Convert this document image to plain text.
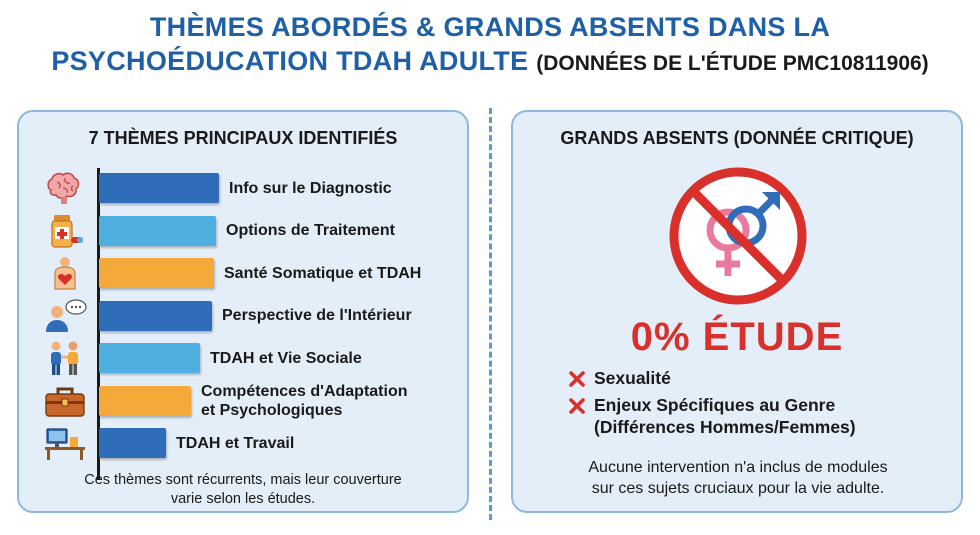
THÈMES ABORDÉS & GRANDS ABSENTS DANS LA
PSYCHOÉDUCATION TDAH ADULTE (DONNÉES DE L'ÉTUDE PMC10811906)
7 THÈMES PRINCIPAUX IDENTIFIÉS
Info sur le Diagnostic
Options de Traitement
Santé Somatique et TDAH
Perspective de l'Intérieur
TDAH et Vie Sociale
Compétences d'Adaptation
et Psychologiques
TDAH et Travail
Ces thèmes sont récurrents, mais leur couverture
varie selon les études.
GRANDS ABSENTS (DONNÉE CRITIQUE)
0% ÉTUDE
Sexualité
Enjeux Spécifiques au Genre
(Différences Hommes/Femmes)
Aucune intervention n'a inclus de modules
sur ces sujets cruciaux pour la vie adulte.
